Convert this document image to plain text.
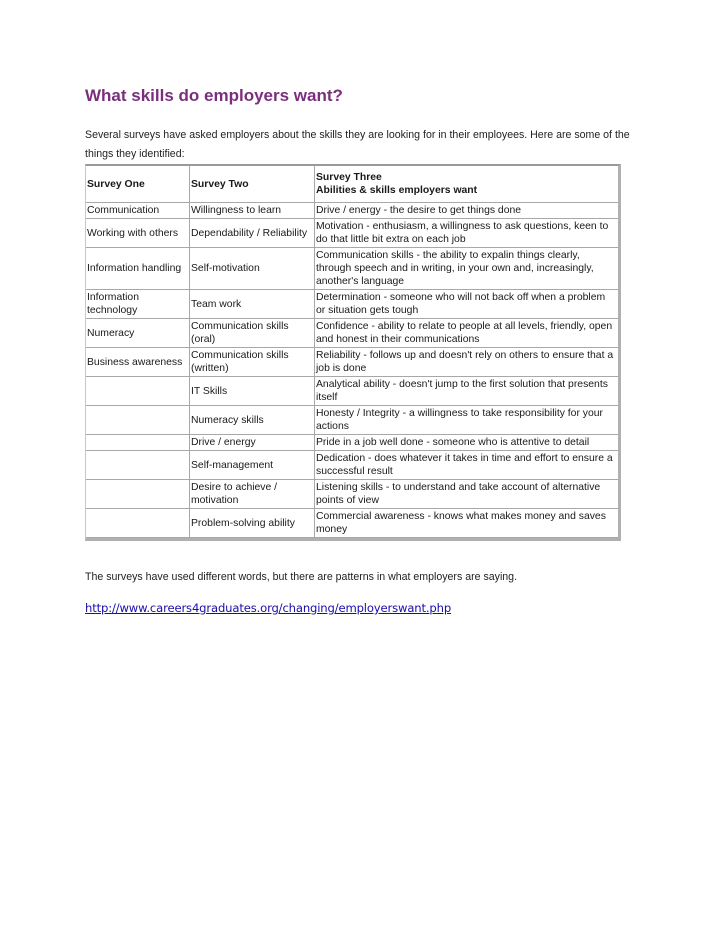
What skills do employers want?

Several surveys have asked employers about the skills they are looking for in their employees. Here are some of the things they identified:

Survey One	Survey Two	Survey Three
Abilities & skills employers want

Communication	Willingness to learn	Drive / energy - the desire to get things done
Working with others	Dependability / Reliability	Motivation - enthusiasm, a willingness to ask questions, keen to do that little bit extra on each job
Information handling	Self-motivation	Communication skills - the ability to expalin things clearly, through speech and in writing, in your own and, increasingly, another's language
Information technology	Team work	Determination - someone who will not back off when a problem or situation gets tough
Numeracy	Communication skills (oral)	Confidence - ability to relate to people at all levels, friendly, open and honest in their communications
Business awareness	Communication skills (written)	Reliability - follows up and doesn't rely on others to ensure that a job is done
	IT Skills	Analytical ability - doesn't jump to the first solution that presents itself
	Numeracy skills	Honesty / Integrity - a willingness to take responsibility for your actions
	Drive / energy	Pride in a job well done - someone who is attentive to detail
	Self-management	Dedication - does whatever it takes in time and effort to ensure a successful result
	Desire to achieve / motivation	Listening skills - to understand and take account of alternative points of view
	Problem-solving ability	Commercial awareness - knows what makes money and saves money

The surveys have used different words, but there are patterns in what employers are saying.

http://www.careers4graduates.org/changing/employerswant.php
